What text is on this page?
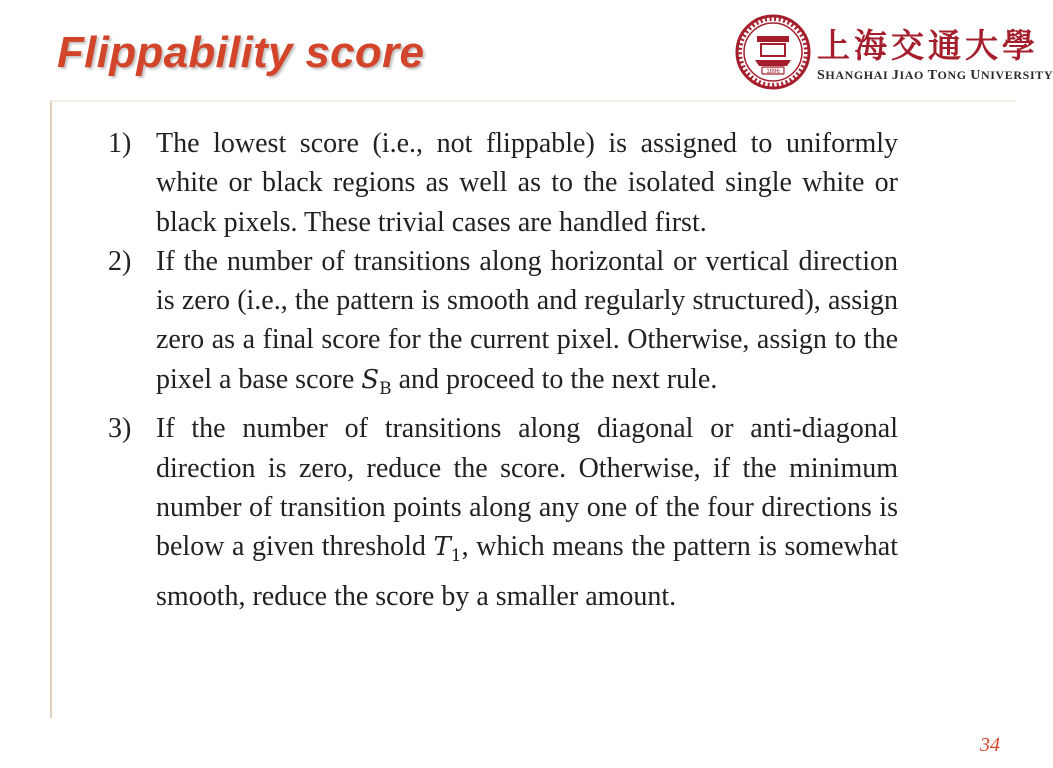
Flippability score	1896
上海交通大學
SHANGHAI JIAO TONG UNIVERSITY
1) The lowest score (i.e., not flippable) is assigned to uniformly white or black regions as well as to the isolated single white or black pixels. These trivial cases are handled first.
2) If the number of transitions along horizontal or vertical direction is zero (i.e., the pattern is smooth and regularly structured), assign zero as a final score for the current pixel. Otherwise, assign to the pixel a base score $S_B$ and proceed to the next rule.
3) If the number of transitions along diagonal or anti-diagonal direction is zero, reduce the score. Otherwise, if the minimum number of transition points along any one of the four directions is below a given threshold $T_1$, which means the pattern is somewhat smooth, reduce the score by a smaller amount.
34
